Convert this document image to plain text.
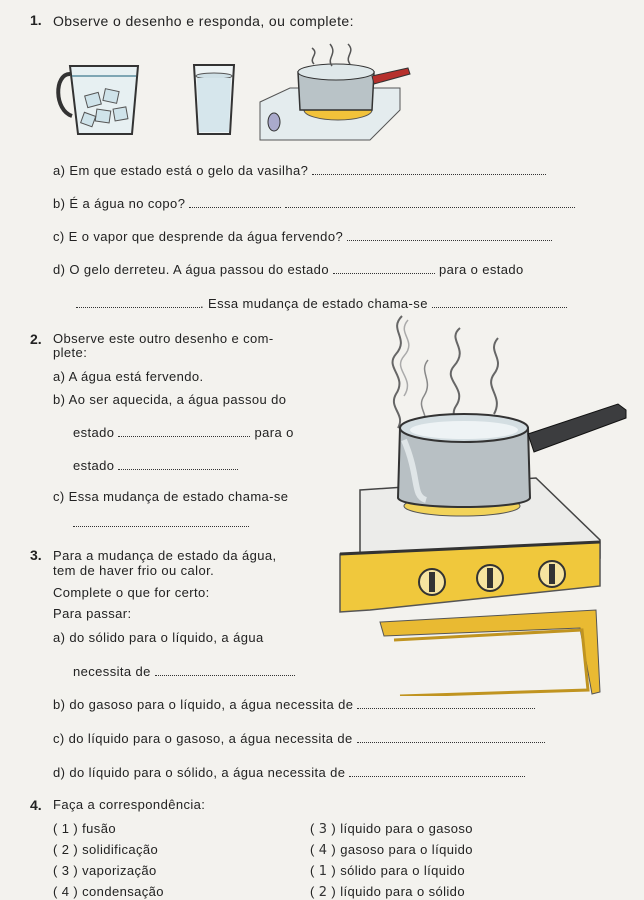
1. Observe o desenho e responda, ou complete:
a) Em que estado está o gelo da vasilha?
b) É a água no copo?
c) E o vapor que desprende da água fervendo?
d) O gelo derreteu. A água passou do estado	para o estado
. Essa mudança de estado chama-se
2. Observe este outro desenho e com-
plete:
a) A água está fervendo.
b) Ao ser aquecida, a água passou do
estado	para o
estado
c) Essa mudança de estado chama-se
3. Para a mudança de estado da água,
tem de haver frio ou calor.
Complete o que for certo:
Para passar:
a) do sólido para o líquido, a água
necessita de
b) do gasoso para o líquido, a água necessita de
c) do líquido para o gasoso, a água necessita de
d) do líquido para o sólido, a água necessita de
4. Faça a correspondência:
( 1 ) fusão
( 2 ) solidificação
( 3 ) vaporização
( 4 ) condensação
( 3 ) líquido para o gasoso
( 4 ) gasoso para o líquido
( 1 ) sólido para o líquido
( 2 ) líquido para o sólido
